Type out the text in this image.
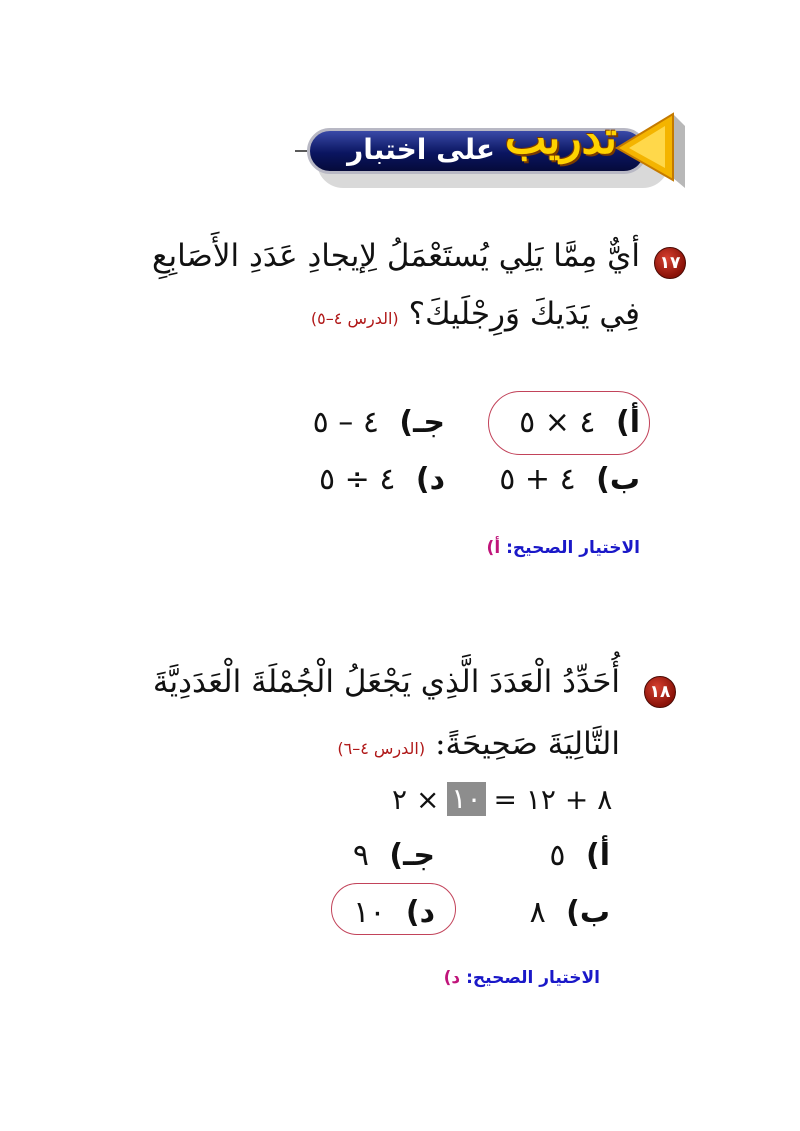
على اختبار تدريب
١٧
أيٌّ مِمَّا يَلِي يُستَعْمَلُ لِإيجادِ عَدَدِ الأَصَابِعِ
فِي يَدَيكَ وَرِجْلَيكَ؟
(الدرس ٤–٥)
أ) ٤ × ٥
جـ) ٤ – ٥
ب) ٤ + ٥
د) ٤ ÷ ٥
الاختيار الصحيح: أ)
١٨
أُحَدِّدُ الْعَدَدَ الَّذِي يَجْعَلُ الْجُمْلَةَ الْعَدَدِيَّةَ
التَّالِيَةَ صَحِيحَةً:
(الدرس ٤–٦)
٢ × ١٠ = ٨ + ١٢
أ) ٥
جـ) ٩
ب) ٨
د) ١٠
الاختيار الصحيح: د)
